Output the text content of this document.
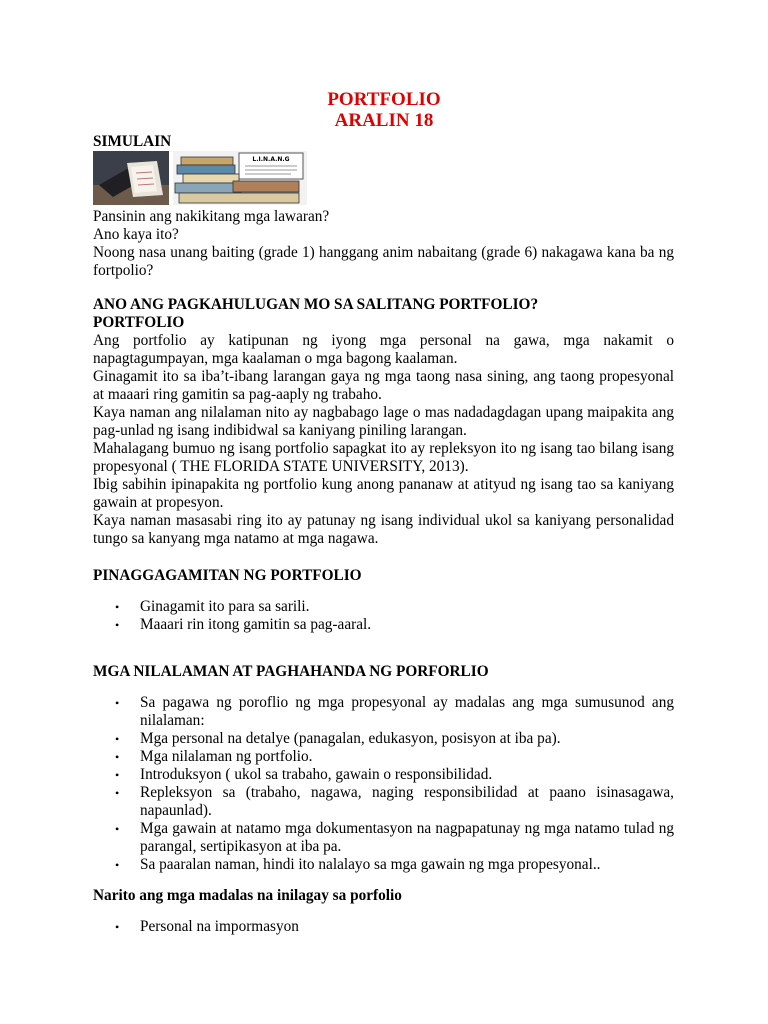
PORTFOLIO
ARALIN 18
SIMULAIN
L.I.N.A.N.G
Pansinin ang nakikitang mga lawaran?
Ano kaya ito?
Noong nasa unang baiting (grade 1) hanggang anim nabaitang (grade 6) nakagawa kana ba ng fortpolio?
ANO ANG PAGKAHULUGAN MO SA SALITANG PORTFOLIO?
PORTFOLIO
Ang portfolio ay katipunan ng iyong mga personal na gawa, mga nakamit o napagtagumpayan, mga kaalaman o mga bagong kaalaman.
Ginagamit ito sa iba’t-ibang larangan gaya ng mga taong nasa sining, ang taong propesyonal at maaari ring gamitin sa pag-aaply ng trabaho.
Kaya naman ang nilalaman nito ay nagbabago lage o mas nadadagdagan upang maipakita ang pag-unlad ng isang indibidwal sa kaniyang piniling larangan.
Mahalagang bumuo ng isang portfolio sapagkat ito ay repleksyon ito ng isang tao bilang isang propesyonal ( THE FLORIDA STATE UNIVERSITY, 2013).
Ibig sabihin ipinapakita ng portfolio kung anong pananaw at atityud ng isang tao sa kaniyang gawain at propesyon.
Kaya naman masasabi ring ito ay patunay ng isang individual ukol sa kaniyang personalidad tungo sa kanyang mga natamo at mga nagawa.
PINAGGAGAMITAN NG PORTFOLIO
• Ginagamit ito para sa sarili.
• Maaari rin itong gamitin sa pag-aaral.
MGA NILALAMAN AT PAGHAHANDA NG PORFORLIO
• Sa pagawa ng poroflio ng mga propesyonal ay madalas ang mga sumusunod ang nilalaman:
• Mga personal na detalye (panagalan, edukasyon, posisyon at iba pa).
• Mga nilalaman ng portfolio.
• Introduksyon ( ukol sa trabaho, gawain o responsibilidad.
• Repleksyon sa (trabaho, nagawa, naging responsibilidad at paano isinasagawa, napaunlad).
• Mga gawain at natamo mga dokumentasyon na nagpapatunay ng mga natamo tulad ng parangal, sertipikasyon at iba pa.
• Sa paaralan naman, hindi ito nalalayo sa mga gawain ng mga propesyonal..
Narito ang mga madalas na inilagay sa porfolio
• Personal na impormasyon
